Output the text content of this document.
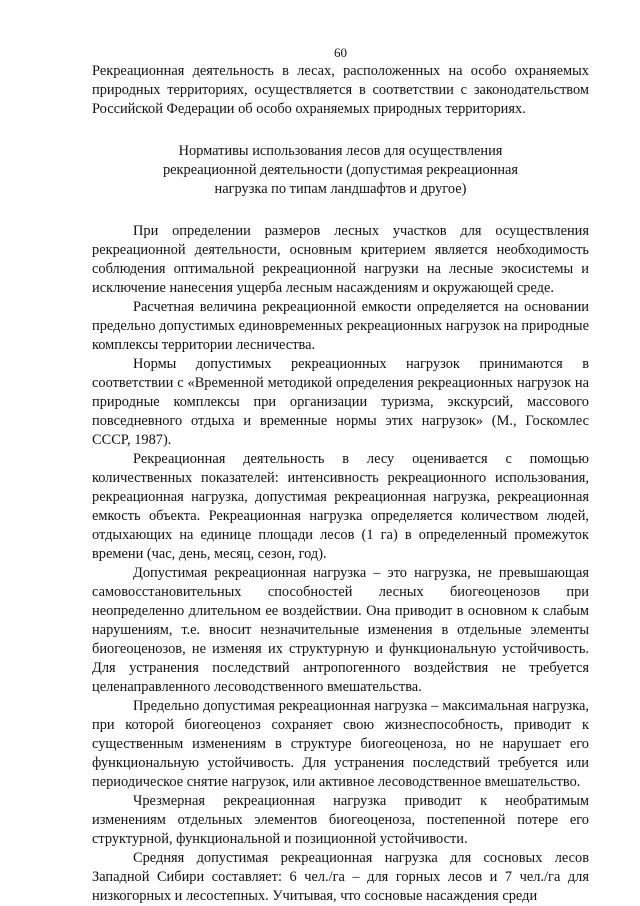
60

Рекреационная деятельность в лесах, расположенных на особо охраняемых природных территориях, осуществляется в соответствии с законодательством Российской Федерации об особо охраняемых природных территориях.

Нормативы использования лесов для осуществления
рекреационной деятельности (допустимая рекреационная
нагрузка по типам ландшафтов и другое)

При определении размеров лесных участков для осуществления рекреационной деятельности, основным критерием является необходимость соблюдения оптимальной рекреационной нагрузки на лесные экосистемы и исключение нанесения ущерба лесным насаждениям и окружающей среде.

Расчетная величина рекреационной емкости определяется на основании предельно допустимых единовременных рекреационных нагрузок на природные комплексы территории лесничества.

Нормы допустимых рекреационных нагрузок принимаются в соответствии с «Временной методикой определения рекреационных нагрузок на природные комплексы при организации туризма, экскурсий, массового повседневного отдыха и временные нормы этих нагрузок» (М., Госкомлес СССР, 1987).

Рекреационная деятельность в лесу оценивается с помощью количественных показателей: интенсивность рекреационного использования, рекреационная нагрузка, допустимая рекреационная нагрузка, рекреационная емкость объекта. Рекреационная нагрузка определяется количеством людей, отдыхающих на единице площади лесов (1 га) в определенный промежуток времени (час, день, месяц, сезон, год).

Допустимая рекреационная нагрузка – это нагрузка, не превышающая самовосстановительных способностей лесных биогеоценозов при неопределенно длительном ее воздействии. Она приводит в основном к слабым нарушениям, т.е. вносит незначительные изменения в отдельные элементы биогеоценозов, не изменяя их структурную и функциональную устойчивость. Для устранения последствий антропогенного воздействия не требуется целенаправленного лесоводственного вмешательства.

Предельно допустимая рекреационная нагрузка – максимальная нагрузка, при которой биогеоценоз сохраняет свою жизнеспособность, приводит к существенным изменениям в структуре биогеоценоза, но не нарушает его функциональную устойчивость. Для устранения последствий требуется или периодическое снятие нагрузок, или активное лесоводственное вмешательство.

Чрезмерная рекреационная нагрузка приводит к необратимым изменениям отдельных элементов биогеоценоза, постепенной потере его структурной, функциональной и позиционной устойчивости.

Средняя допустимая рекреационная нагрузка для сосновых лесов Западной Сибири составляет: 6 чел./га – для горных лесов и 7 чел./га для низкогорных и лесостепных. Учитывая, что сосновые насаждения среди
